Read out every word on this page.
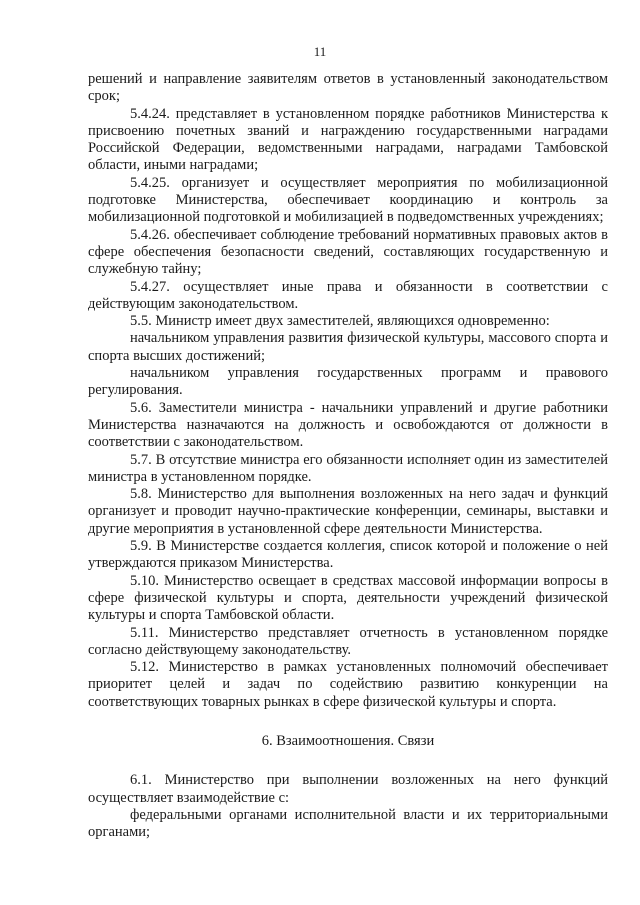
11

решений и направление заявителям ответов в установленный законодательством срок;

5.4.24. представляет в установленном порядке работников Министерства к присвоению почетных званий и награждению государственными наградами Российской Федерации, ведомственными наградами, наградами Тамбовской области, иными наградами;

5.4.25. организует и осуществляет мероприятия по мобилизационной подготовке Министерства, обеспечивает координацию и контроль за мобилизационной подготовкой и мобилизацией в подведомственных учреждениях;

5.4.26. обеспечивает соблюдение требований нормативных правовых актов в сфере обеспечения безопасности сведений, составляющих государственную и служебную тайну;

5.4.27. осуществляет иные права и обязанности в соответствии с действующим законодательством.

5.5. Министр имеет двух заместителей, являющихся одновременно:

начальником управления развития физической культуры, массового спорта и спорта высших достижений;

начальником управления государственных программ и правового регулирования.

5.6. Заместители министра - начальники управлений и другие работники Министерства назначаются на должность и освобождаются от должности в соответствии с законодательством.

5.7. В отсутствие министра его обязанности исполняет один из заместителей министра в установленном порядке.

5.8. Министерство для выполнения возложенных на него задач и функций организует и проводит научно-практические конференции, семинары, выставки и другие мероприятия в установленной сфере деятельности Министерства.

5.9. В Министерстве создается коллегия, список которой и положение о ней утверждаются приказом Министерства.

5.10. Министерство освещает в средствах массовой информации вопросы в сфере физической культуры и спорта, деятельности учреждений физической культуры и спорта Тамбовской области.

5.11. Министерство представляет отчетность в установленном порядке согласно действующему законодательству.

5.12. Министерство в рамках установленных полномочий обеспечивает приоритет целей и задач по содействию развитию конкуренции на соответствующих товарных рынках в сфере физической культуры и спорта.

6. Взаимоотношения. Связи

6.1. Министерство при выполнении возложенных на него функций осуществляет взаимодействие с:

федеральными органами исполнительной власти и их территориальными органами;
